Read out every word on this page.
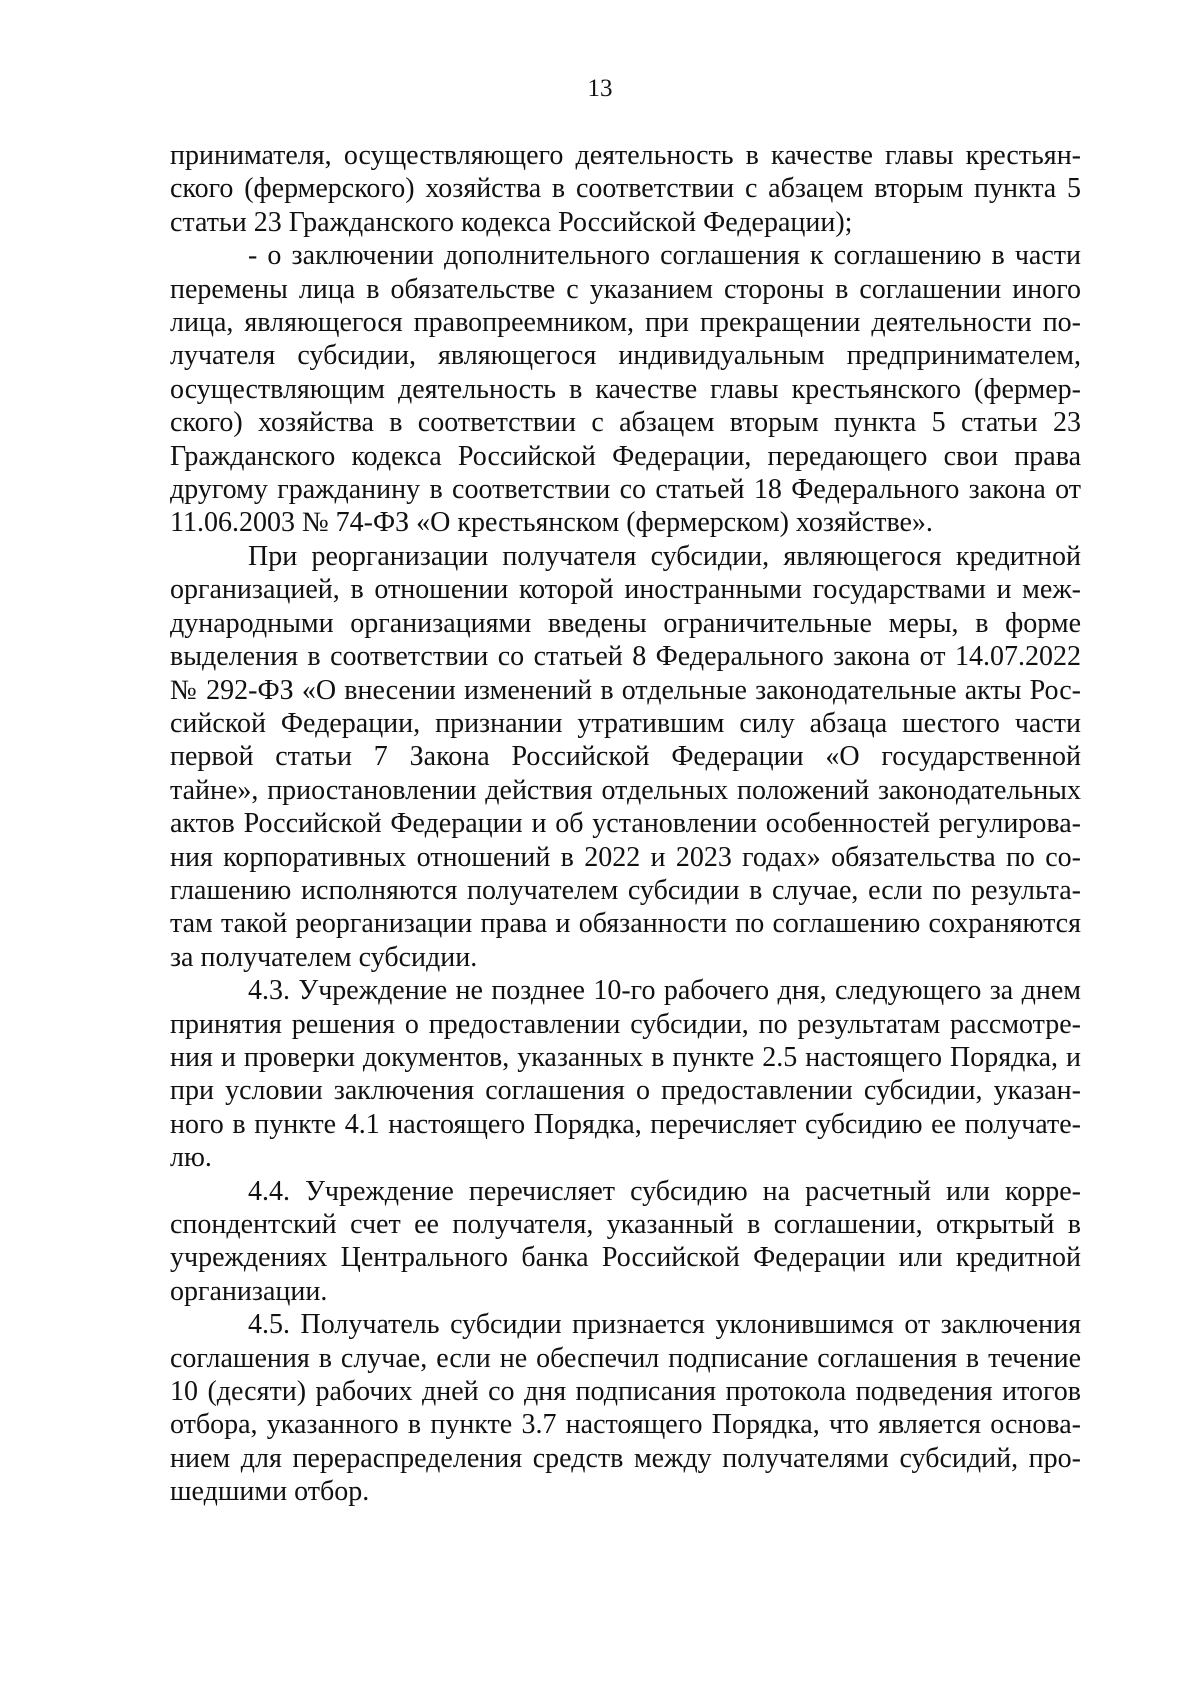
13

принимателя, осуществляющего деятельность в качестве главы крестьян-
ского (фермерского) хозяйства в соответствии с абзацем вторым пункта 5
статьи 23 Гражданского кодекса Российской Федерации);

- о заключении дополнительного соглашения к соглашению в части
перемены лица в обязательстве с указанием стороны в соглашении иного
лица, являющегося правопреемником, при прекращении деятельности по-
лучателя субсидии, являющегося индивидуальным предпринимателем,
осуществляющим деятельность в качестве главы крестьянского (фермер-
ского) хозяйства в соответствии с абзацем вторым пункта 5 статьи 23
Гражданского кодекса Российской Федерации, передающего свои права
другому гражданину в соответствии со статьей 18 Федерального закона от
11.06.2003 № 74-ФЗ «О крестьянском (фермерском) хозяйстве».

При реорганизации получателя субсидии, являющегося кредитной
организацией, в отношении которой иностранными государствами и меж-
дународными организациями введены ограничительные меры, в форме
выделения в соответствии со статьей 8 Федерального закона от 14.07.2022
№ 292-ФЗ «О внесении изменений в отдельные законодательные акты Рос-
сийской Федерации, признании утратившим силу абзаца шестого части
первой статьи 7 Закона Российской Федерации «О государственной
тайне», приостановлении действия отдельных положений законодательных
актов Российской Федерации и об установлении особенностей регулирова-
ния корпоративных отношений в 2022 и 2023 годах» обязательства по со-
глашению исполняются получателем субсидии в случае, если по результа-
там такой реорганизации права и обязанности по соглашению сохраняются
за получателем субсидии.

4.3. Учреждение не позднее 10-го рабочего дня, следующего за днем
принятия решения о предоставлении субсидии, по результатам рассмотре-
ния и проверки документов, указанных в пункте 2.5 настоящего Порядка, и
при условии заключения соглашения о предоставлении субсидии, указан-
ного в пункте 4.1 настоящего Порядка, перечисляет субсидию ее получате-
лю.

4.4. Учреждение перечисляет субсидию на расчетный или корре-
спондентский счет ее получателя, указанный в соглашении, открытый в
учреждениях Центрального банка Российской Федерации или кредитной
организации.

4.5. Получатель субсидии признается уклонившимся от заключения
соглашения в случае, если не обеспечил подписание соглашения в течение
10 (десяти) рабочих дней со дня подписания протокола подведения итогов
отбора, указанного в пункте 3.7 настоящего Порядка, что является основа-
нием для перераспределения средств между получателями субсидий, про-
шедшими отбор.
